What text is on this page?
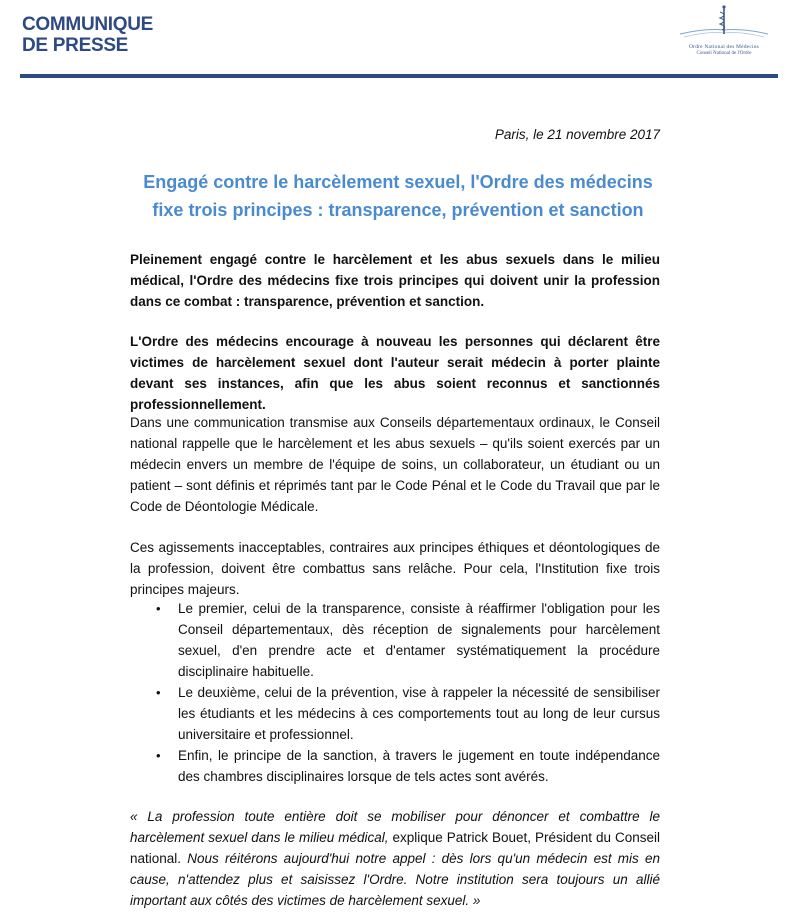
COMMUNIQUE
DE PRESSE	Ordre National des Médecins
Conseil National de l'Ordre
Paris, le 21 novembre 2017
Engagé contre le harcèlement sexuel, l'Ordre des médecins
fixe trois principes : transparence, prévention et sanction
Pleinement engagé contre le harcèlement et les abus sexuels dans le milieu médical, l'Ordre des médecins fixe trois principes qui doivent unir la profession dans ce combat : transparence, prévention et sanction.
L'Ordre des médecins encourage à nouveau les personnes qui déclarent être victimes de harcèlement sexuel dont l'auteur serait médecin à porter plainte devant ses instances, afin que les abus soient reconnus et sanctionnés professionnellement.
Dans une communication transmise aux Conseils départementaux ordinaux, le Conseil national rappelle que le harcèlement et les abus sexuels – qu'ils soient exercés par un médecin envers un membre de l'équipe de soins, un collaborateur, un étudiant ou un patient – sont définis et réprimés tant par le Code Pénal et le Code du Travail que par le Code de Déontologie Médicale.
Ces agissements inacceptables, contraires aux principes éthiques et déontologiques de la profession, doivent être combattus sans relâche. Pour cela, l'Institution fixe trois principes majeurs.
• Le premier, celui de la transparence, consiste à réaffirmer l'obligation pour les Conseil départementaux, dès réception de signalements pour harcèlement sexuel, d'en prendre acte et d'entamer systématiquement la procédure disciplinaire habituelle.
• Le deuxième, celui de la prévention, vise à rappeler la nécessité de sensibiliser les étudiants et les médecins à ces comportements tout au long de leur cursus universitaire et professionnel.
• Enfin, le principe de la sanction, à travers le jugement en toute indépendance des chambres disciplinaires lorsque de tels actes sont avérés.
« La profession toute entière doit se mobiliser pour dénoncer et combattre le harcèlement sexuel dans le milieu médical, explique Patrick Bouet, Président du Conseil national. Nous réitérons aujourd'hui notre appel : dès lors qu'un médecin est mis en cause, n'attendez plus et saisissez l'Ordre. Notre institution sera toujours un allié important aux côtés des victimes de harcèlement sexuel. »
